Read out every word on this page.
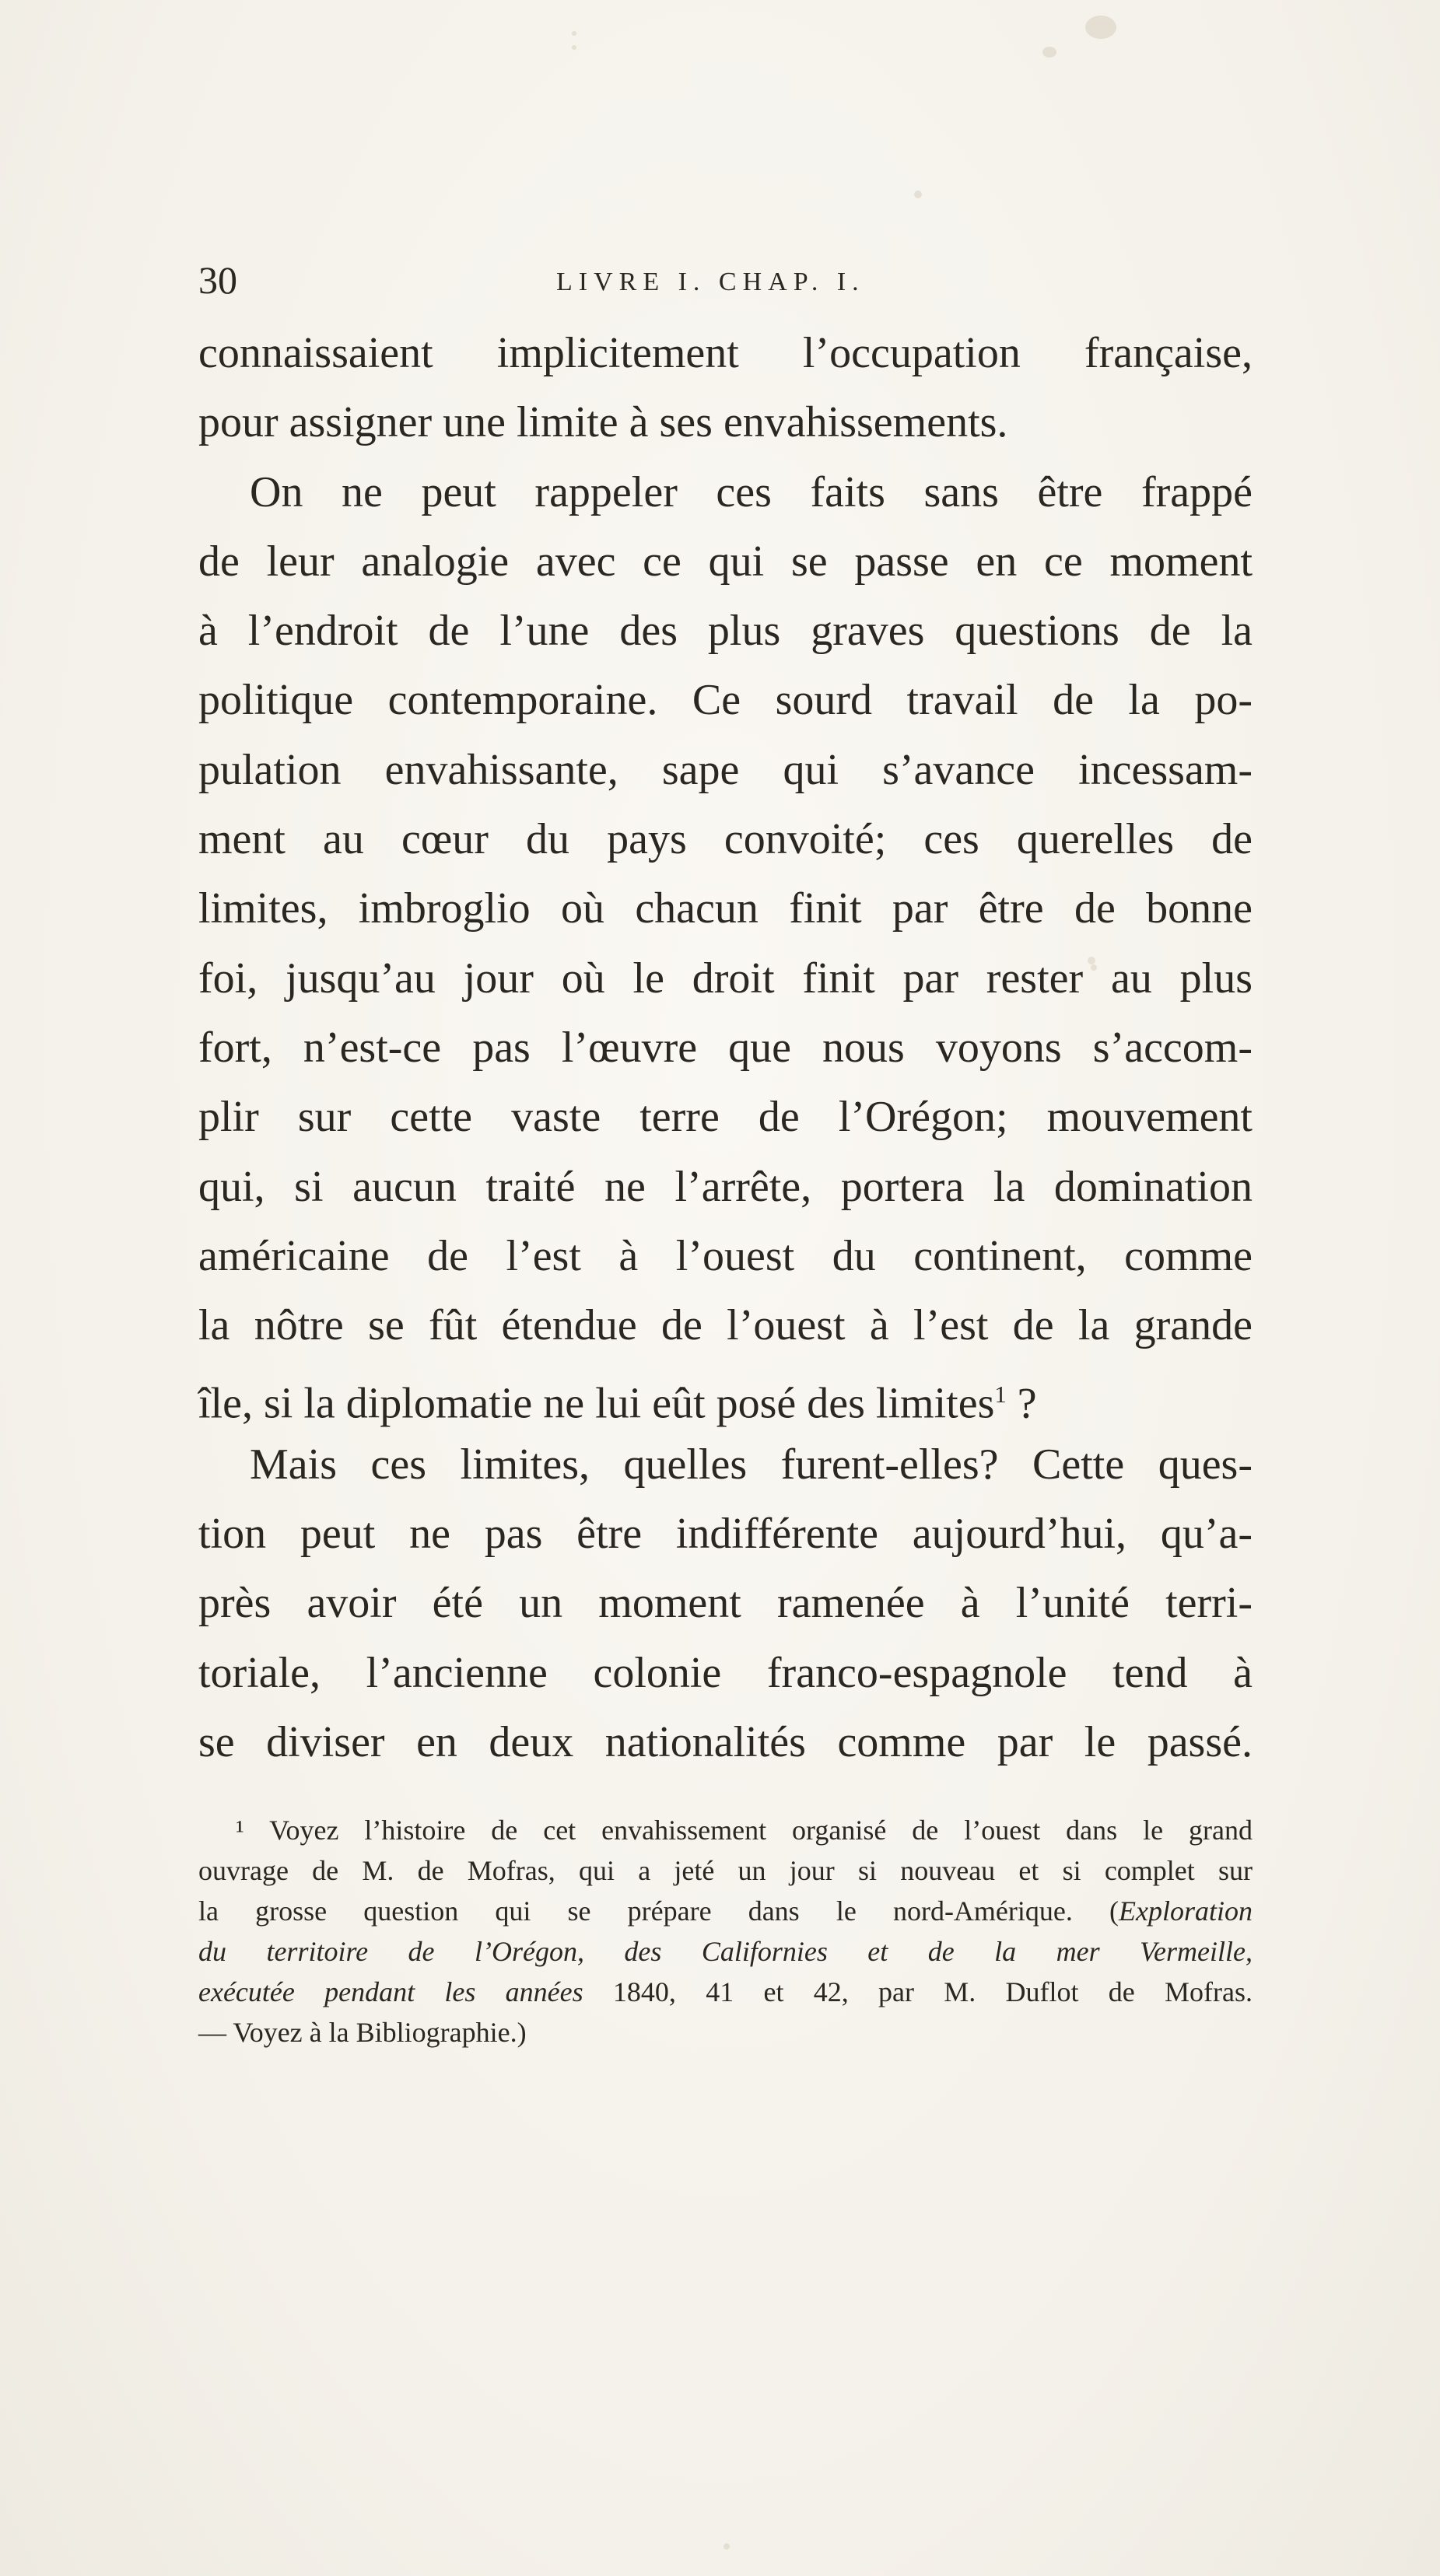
30	LIVRE I. CHAP. I.
connaissaient implicitement l’occupation française,
pour assigner une limite à ses envahissements.
On ne peut rappeler ces faits sans être frappé
de leur analogie avec ce qui se passe en ce moment
à l’endroit de l’une des plus graves questions de la
politique contemporaine. Ce sourd travail de la po-
pulation envahissante, sape qui s’avance incessam-
ment au cœur du pays convoité; ces querelles de
limites, imbroglio où chacun finit par être de bonne
foi, jusqu’au jour où le droit finit par rester au plus
fort, n’est-ce pas l’œuvre que nous voyons s’accom-
plir sur cette vaste terre de l’Orégon; mouvement
qui, si aucun traité ne l’arrête, portera la domination
américaine de l’est à l’ouest du continent, comme
la nôtre se fût étendue de l’ouest à l’est de la grande
île, si la diplomatie ne lui eût posé des limites$^1$ ?
Mais ces limites, quelles furent-elles? Cette ques-
tion peut ne pas être indifférente aujourd’hui, qu’a-
près avoir été un moment ramenée à l’unité terri-
toriale, l’ancienne colonie franco-espagnole tend à
se diviser en deux nationalités comme par le passé.
¹ Voyez l’histoire de cet envahissement organisé de l’ouest dans le grand
ouvrage de M. de Mofras, qui a jeté un jour si nouveau et si complet sur
la grosse question qui se prépare dans le nord-Amérique. (Exploration
du territoire de l’Orégon, des Californies et de la mer Vermeille,
exécutée pendant les années 1840, 41 et 42, par M. Duflot de Mofras.
— Voyez à la Bibliographie.)
